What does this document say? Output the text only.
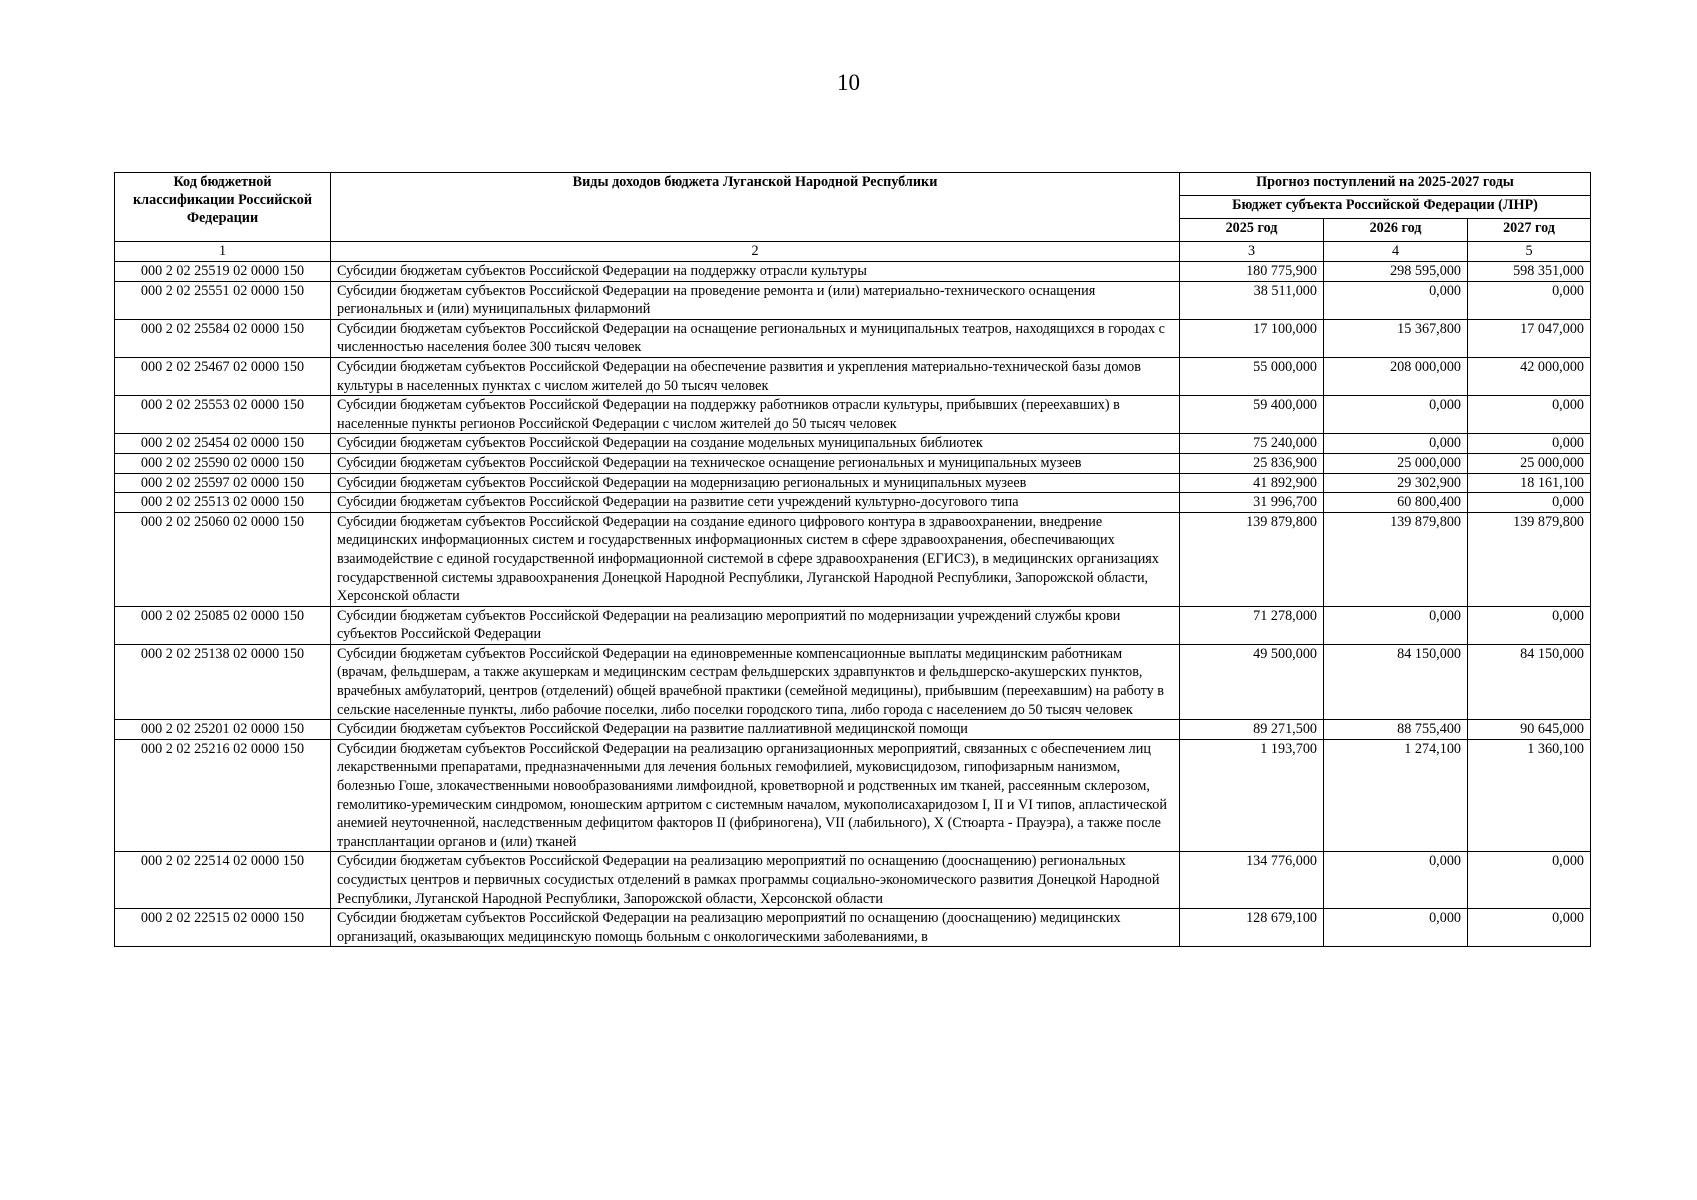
10
Код бюджетной классификации Российской Федерации	Виды доходов бюджета Луганской Народной Республики	Прогноз поступлений на 2025-2027 годы		
		Бюджет субъекта Российской Федерации (ЛНР)		
		2025 год	2026 год	2027 год
1	2	3	4	5
000 2 02 25519 02 0000 150	Субсидии бюджетам субъектов Российской Федерации на поддержку отрасли культуры	180 775,900	298 595,000	598 351,000
000 2 02 25551 02 0000 150	Субсидии бюджетам субъектов Российской Федерации на проведение ремонта и (или) материально-технического оснащения региональных и (или) муниципальных филармоний	38 511,000	0,000	0,000
000 2 02 25584 02 0000 150	Субсидии бюджетам субъектов Российской Федерации на оснащение региональных и муниципальных театров, находящихся в городах с численностью населения более 300 тысяч человек	17 100,000	15 367,800	17 047,000
000 2 02 25467 02 0000 150	Субсидии бюджетам субъектов Российской Федерации на обеспечение развития и укрепления материально-технической базы домов культуры в населенных пунктах с числом жителей до 50 тысяч человек	55 000,000	208 000,000	42 000,000
000 2 02 25553 02 0000 150	Субсидии бюджетам субъектов Российской Федерации на поддержку работников отрасли культуры, прибывших (переехавших) в населенные пункты регионов Российской Федерации с числом жителей до 50 тысяч человек	59 400,000	0,000	0,000
000 2 02 25454 02 0000 150	Субсидии бюджетам субъектов Российской Федерации на создание модельных муниципальных библиотек	75 240,000	0,000	0,000
000 2 02 25590 02 0000 150	Субсидии бюджетам субъектов Российской Федерации на техническое оснащение региональных и муниципальных музеев	25 836,900	25 000,000	25 000,000
000 2 02 25597 02 0000 150	Субсидии бюджетам субъектов Российской Федерации на модернизацию региональных и муниципальных музеев	41 892,900	29 302,900	18 161,100
000 2 02 25513 02 0000 150	Субсидии бюджетам субъектов Российской Федерации на развитие сети учреждений культурно-досугового типа	31 996,700	60 800,400	0,000
000 2 02 25060 02 0000 150	Субсидии бюджетам субъектов Российской Федерации на создание единого цифрового контура в здравоохранении, внедрение медицинских информационных систем и государственных информационных систем в сфере здравоохранения, обеспечивающих взаимодействие с единой государственной информационной системой в сфере здравоохранения (ЕГИСЗ), в медицинских организациях государственной системы здравоохранения Донецкой Народной Республики, Луганской Народной Республики, Запорожской области, Херсонской области	139 879,800	139 879,800	139 879,800
000 2 02 25085 02 0000 150	Субсидии бюджетам субъектов Российской Федерации на реализацию мероприятий по модернизации учреждений службы крови субъектов Российской Федерации	71 278,000	0,000	0,000
000 2 02 25138 02 0000 150	Субсидии бюджетам субъектов Российской Федерации на единовременные компенсационные выплаты медицинским работникам (врачам, фельдшерам, а также акушеркам и медицинским сестрам фельдшерских здравпунктов и фельдшерско-акушерских пунктов, врачебных амбулаторий, центров (отделений) общей врачебной практики (семейной медицины), прибывшим (переехавшим) на работу в сельские населенные пункты, либо рабочие поселки, либо поселки городского типа, либо города с населением до 50 тысяч человек	49 500,000	84 150,000	84 150,000
000 2 02 25201 02 0000 150	Субсидии бюджетам субъектов Российской Федерации на развитие паллиативной медицинской помощи	89 271,500	88 755,400	90 645,000
000 2 02 25216 02 0000 150	Субсидии бюджетам субъектов Российской Федерации на реализацию организационных мероприятий, связанных с обеспечением лиц лекарственными препаратами, предназначенными для лечения больных гемофилией, муковисцидозом, гипофизарным нанизмом, болезнью Гоше, злокачественными новообразованиями лимфоидной, кроветворной и родственных им тканей, рассеянным склерозом, гемолитико-уремическим синдромом, юношеским артритом с системным началом, мукополисахаридозом I, II и VI типов, апластической анемией неуточненной, наследственным дефицитом факторов II (фибриногена), VII (лабильного), X (Стюарта - Прауэра), а также после трансплантации органов и (или) тканей	1 193,700	1 274,100	1 360,100
000 2 02 22514 02 0000 150	Субсидии бюджетам субъектов Российской Федерации на реализацию мероприятий по оснащению (дооснащению) региональных сосудистых центров и первичных сосудистых отделений в рамках программы социально-экономического развития Донецкой Народной Республики, Луганской Народной Республики, Запорожской области, Херсонской области	134 776,000	0,000	0,000
000 2 02 22515 02 0000 150	Субсидии бюджетам субъектов Российской Федерации на реализацию мероприятий по оснащению (дооснащению) медицинских организаций, оказывающих медицинскую помощь больным с онкологическими заболеваниями, в	128 679,100	0,000	0,000
